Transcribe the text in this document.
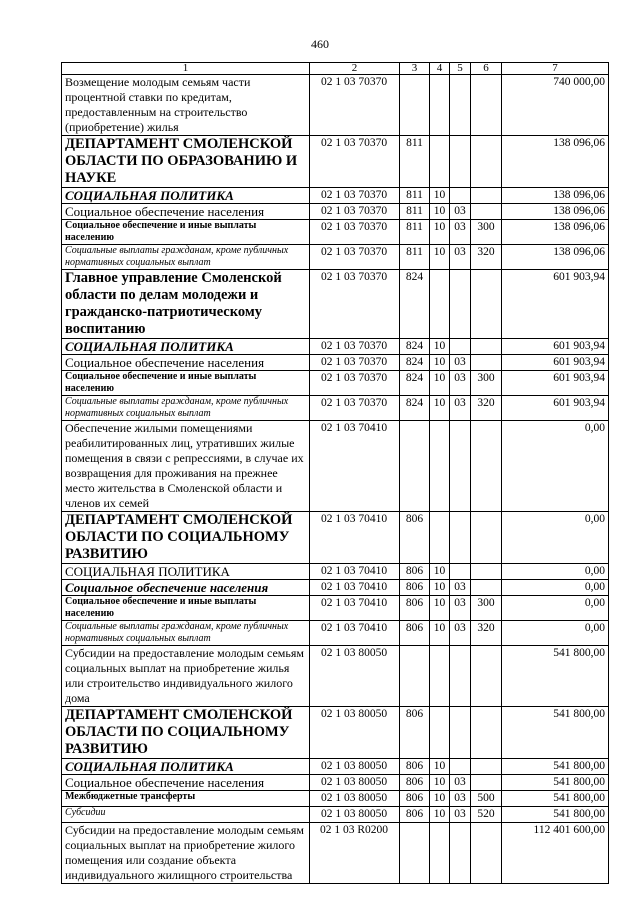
460
1	2	3	4	5	6	7
Возмещение молодым семьям части процентной ставки по кредитам, предоставленным на строительство (приобретение) жилья	02 1 03 70370					740 000,00
ДЕПАРТАМЕНТ СМОЛЕНСКОЙ ОБЛАСТИ ПО ОБРАЗОВАНИЮ И НАУКЕ	02 1 03 70370	811				138 096,06
СОЦИАЛЬНАЯ ПОЛИТИКА	02 1 03 70370	811	10			138 096,06
Социальное обеспечение населения	02 1 03 70370	811	10	03		138 096,06
Социальное обеспечение и иные выплаты населению	02 1 03 70370	811	10	03	300	138 096,06
Социальные выплаты гражданам, кроме публичных нормативных социальных выплат	02 1 03 70370	811	10	03	320	138 096,06
Главное управление Смоленской области по делам молодежи и гражданско-патриотическому воспитанию	02 1 03 70370	824				601 903,94
СОЦИАЛЬНАЯ ПОЛИТИКА	02 1 03 70370	824	10			601 903,94
Социальное обеспечение населения	02 1 03 70370	824	10	03		601 903,94
Социальное обеспечение и иные выплаты населению	02 1 03 70370	824	10	03	300	601 903,94
Социальные выплаты гражданам, кроме публичных нормативных социальных выплат	02 1 03 70370	824	10	03	320	601 903,94
Обеспечение жилыми помещениями реабилитированных лиц, утративших жилые помещения в связи с репрессиями, в случае их возвращения для проживания на прежнее место жительства в Смоленской области и членов их семей	02 1 03 70410					0,00
ДЕПАРТАМЕНТ СМОЛЕНСКОЙ ОБЛАСТИ ПО СОЦИАЛЬНОМУ РАЗВИТИЮ	02 1 03 70410	806				0,00
СОЦИАЛЬНАЯ ПОЛИТИКА	02 1 03 70410	806	10			0,00
Социальное обеспечение населения	02 1 03 70410	806	10	03		0,00
Социальное обеспечение и иные выплаты населению	02 1 03 70410	806	10	03	300	0,00
Социальные выплаты гражданам, кроме публичных нормативных социальных выплат	02 1 03 70410	806	10	03	320	0,00
Субсидии на предоставление молодым семьям социальных выплат на приобретение жилья или строительство индивидуального жилого дома	02 1 03 80050					541 800,00
ДЕПАРТАМЕНТ СМОЛЕНСКОЙ ОБЛАСТИ ПО СОЦИАЛЬНОМУ РАЗВИТИЮ	02 1 03 80050	806				541 800,00
СОЦИАЛЬНАЯ ПОЛИТИКА	02 1 03 80050	806	10			541 800,00
Социальное обеспечение населения	02 1 03 80050	806	10	03		541 800,00
Межбюджетные трансферты	02 1 03 80050	806	10	03	500	541 800,00
Субсидии	02 1 03 80050	806	10	03	520	541 800,00
Субсидии на предоставление молодым семьям социальных выплат на приобретение жилого помещения или создание объекта индивидуального жилищного строительства	02 1 03 R0200					112 401 600,00
